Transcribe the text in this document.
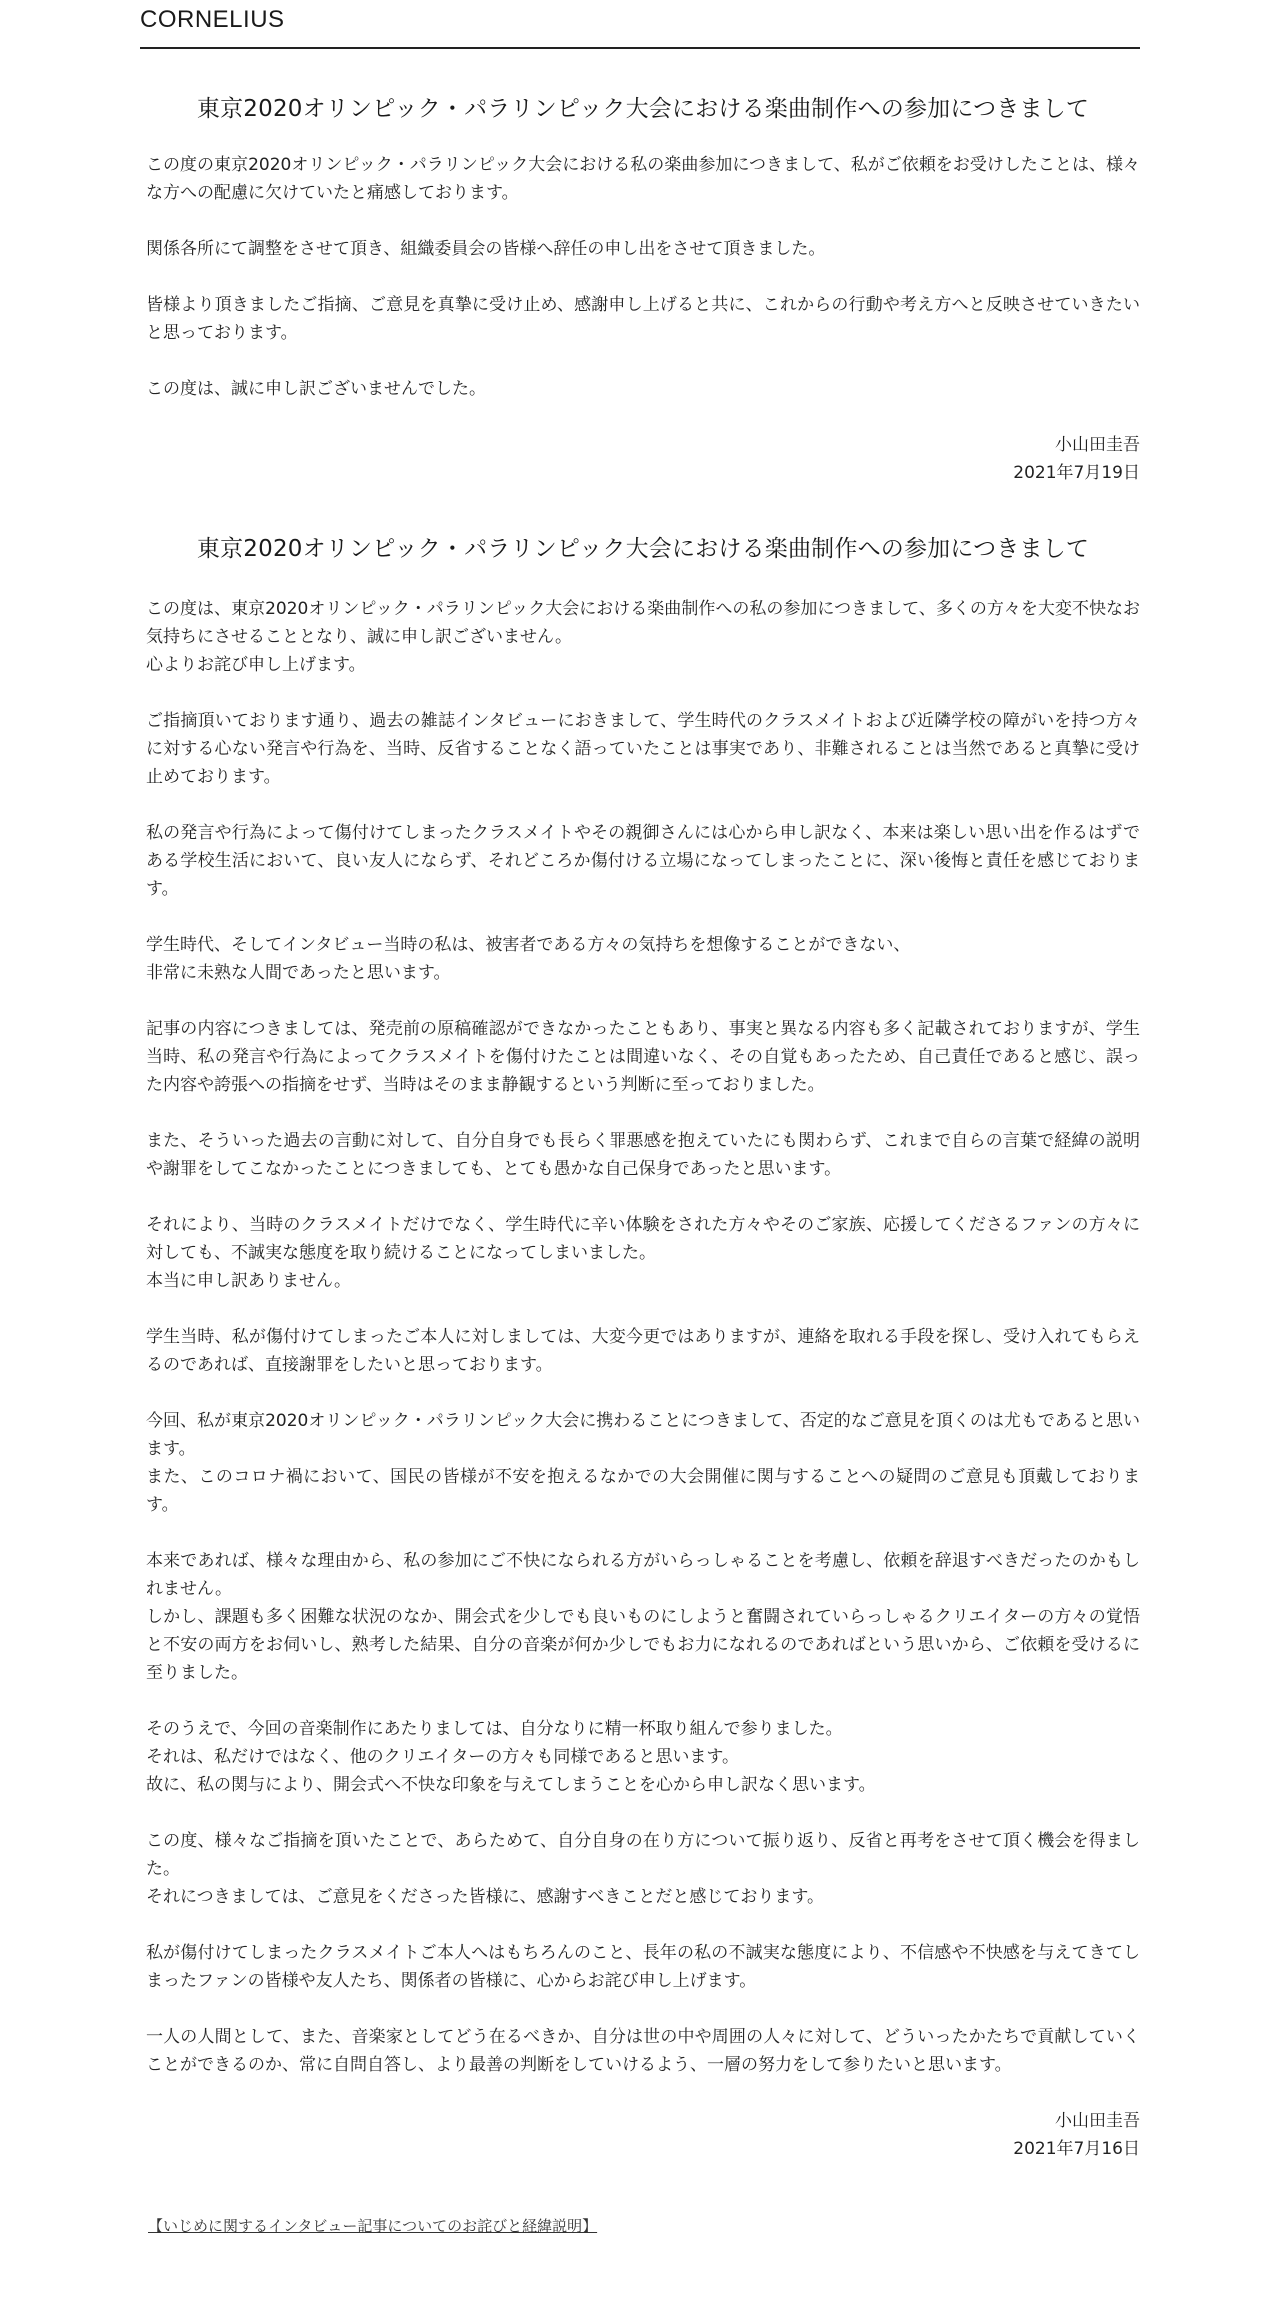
CORNELIUS
東京2020オリンピック・パラリンピック大会における楽曲制作への参加につきまして

この度の東京2020オリンピック・パラリンピック大会における私の楽曲参加につきまして、私がご依頼をお受けしたことは、様々な方への配慮に欠けていたと痛感しております。

関係各所にて調整をさせて頂き、組織委員会の皆様へ辞任の申し出をさせて頂きました。

皆様より頂きましたご指摘、ご意見を真摯に受け止め、感謝申し上げると共に、これからの行動や考え方へと反映させていきたいと思っております。

この度は、誠に申し訳ございませんでした。

小山田圭吾
2021年7月19日
東京2020オリンピック・パラリンピック大会における楽曲制作への参加につきまして

この度は、東京2020オリンピック・パラリンピック大会における楽曲制作への私の参加につきまして、多くの方々を大変不快なお気持ちにさせることとなり、誠に申し訳ございません。
心よりお詫び申し上げます。

ご指摘頂いております通り、過去の雑誌インタビューにおきまして、学生時代のクラスメイトおよび近隣学校の障がいを持つ方々に対する心ない発言や行為を、当時、反省することなく語っていたことは事実であり、非難されることは当然であると真摯に受け止めております。

私の発言や行為によって傷付けてしまったクラスメイトやその親御さんには心から申し訳なく、本来は楽しい思い出を作るはずである学校生活において、良い友人にならず、それどころか傷付ける立場になってしまったことに、深い後悔と責任を感じております。

学生時代、そしてインタビュー当時の私は、被害者である方々の気持ちを想像することができない、
非常に未熟な人間であったと思います。

記事の内容につきましては、発売前の原稿確認ができなかったこともあり、事実と異なる内容も多く記載されておりますが、学生当時、私の発言や行為によってクラスメイトを傷付けたことは間違いなく、その自覚もあったため、自己責任であると感じ、誤った内容や誇張への指摘をせず、当時はそのまま静観するという判断に至っておりました。

また、そういった過去の言動に対して、自分自身でも長らく罪悪感を抱えていたにも関わらず、これまで自らの言葉で経緯の説明や謝罪をしてこなかったことにつきましても、とても愚かな自己保身であったと思います。

それにより、当時のクラスメイトだけでなく、学生時代に辛い体験をされた方々やそのご家族、応援してくださるファンの方々に対しても、不誠実な態度を取り続けることになってしまいました。
本当に申し訳ありません。

学生当時、私が傷付けてしまったご本人に対しましては、大変今更ではありますが、連絡を取れる手段を探し、受け入れてもらえるのであれば、直接謝罪をしたいと思っております。

今回、私が東京2020オリンピック・パラリンピック大会に携わることにつきまして、否定的なご意見を頂くのは尤もであると思います。
また、このコロナ禍において、国民の皆様が不安を抱えるなかでの大会開催に関与することへの疑問のご意見も頂戴しております。

本来であれば、様々な理由から、私の参加にご不快になられる方がいらっしゃることを考慮し、依頼を辞退すべきだったのかもしれません。
しかし、課題も多く困難な状況のなか、開会式を少しでも良いものにしようと奮闘されていらっしゃるクリエイターの方々の覚悟と不安の両方をお伺いし、熟考した結果、自分の音楽が何か少しでもお力になれるのであればという思いから、ご依頼を受けるに至りました。

そのうえで、今回の音楽制作にあたりましては、自分なりに精一杯取り組んで参りました。
それは、私だけではなく、他のクリエイターの方々も同様であると思います。
故に、私の関与により、開会式へ不快な印象を与えてしまうことを心から申し訳なく思います。

この度、様々なご指摘を頂いたことで、あらためて、自分自身の在り方について振り返り、反省と再考をさせて頂く機会を得ました。
それにつきましては、ご意見をくださった皆様に、感謝すべきことだと感じております。

私が傷付けてしまったクラスメイトご本人へはもちろんのこと、長年の私の不誠実な態度により、不信感や不快感を与えてきてしまったファンの皆様や友人たち、関係者の皆様に、心からお詫び申し上げます。

一人の人間として、また、音楽家としてどう在るべきか、自分は世の中や周囲の人々に対して、どういったかたちで貢献していくことができるのか、常に自問自答し、より最善の判断をしていけるよう、一層の努力をして参りたいと思います。

小山田圭吾
2021年7月16日
【いじめに関するインタビュー記事についてのお詫びと経緯説明】
